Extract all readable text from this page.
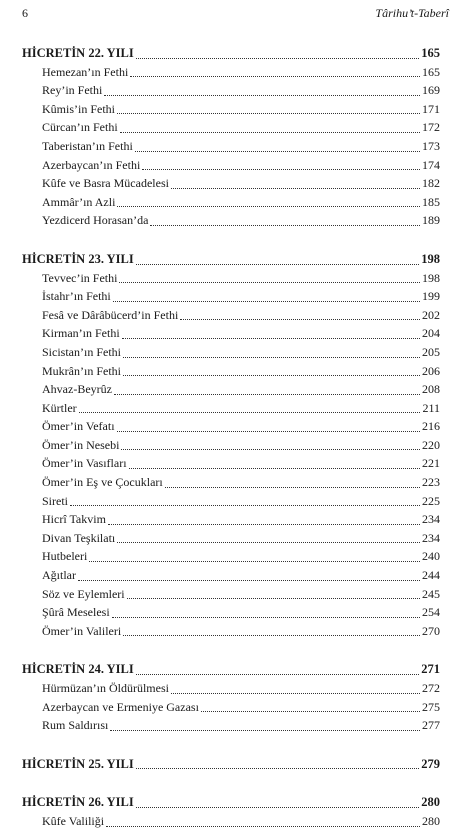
6	Târihu’t-Taberî
HİCRETİN 22. YILI	165
Hemezan’ın Fethi	165
Rey’in Fethi	169
Kûmis’in Fethi	171
Cürcan’ın Fethi	172
Taberistan’ın Fethi	173
Azerbaycan’ın Fethi	174
Kûfe ve Basra Mücadelesi	182
Ammâr’ın Azli	185
Yezdicerd Horasan’da	189
HİCRETİN 23. YILI	198
Tevvec’in Fethi	198
İstahr’ın Fethi	199
Fesâ ve Dârâbücerd’in Fethi	202
Kirman’ın Fethi	204
Sicistan’ın Fethi	205
Mukrân’ın Fethi	206
Ahvaz-Beyrûz	208
Kürtler	211
Ömer’in Vefatı	216
Ömer’in Nesebi	220
Ömer’in Vasıfları	221
Ömer’in Eş ve Çocukları	223
Sireti	225
Hicrî Takvim	234
Divan Teşkilatı	234
Hutbeleri	240
Ağıtlar	244
Söz ve Eylemleri	245
Şûrâ Meselesi	254
Ömer’in Valileri	270
HİCRETİN 24. YILI	271
Hürmüzan’ın Öldürülmesi	272
Azerbaycan ve Ermeniye Gazası	275
Rum Saldırısı	277
HİCRETİN 25. YILI	279
HİCRETİN 26. YILI	280
Kûfe Valiliği	280
